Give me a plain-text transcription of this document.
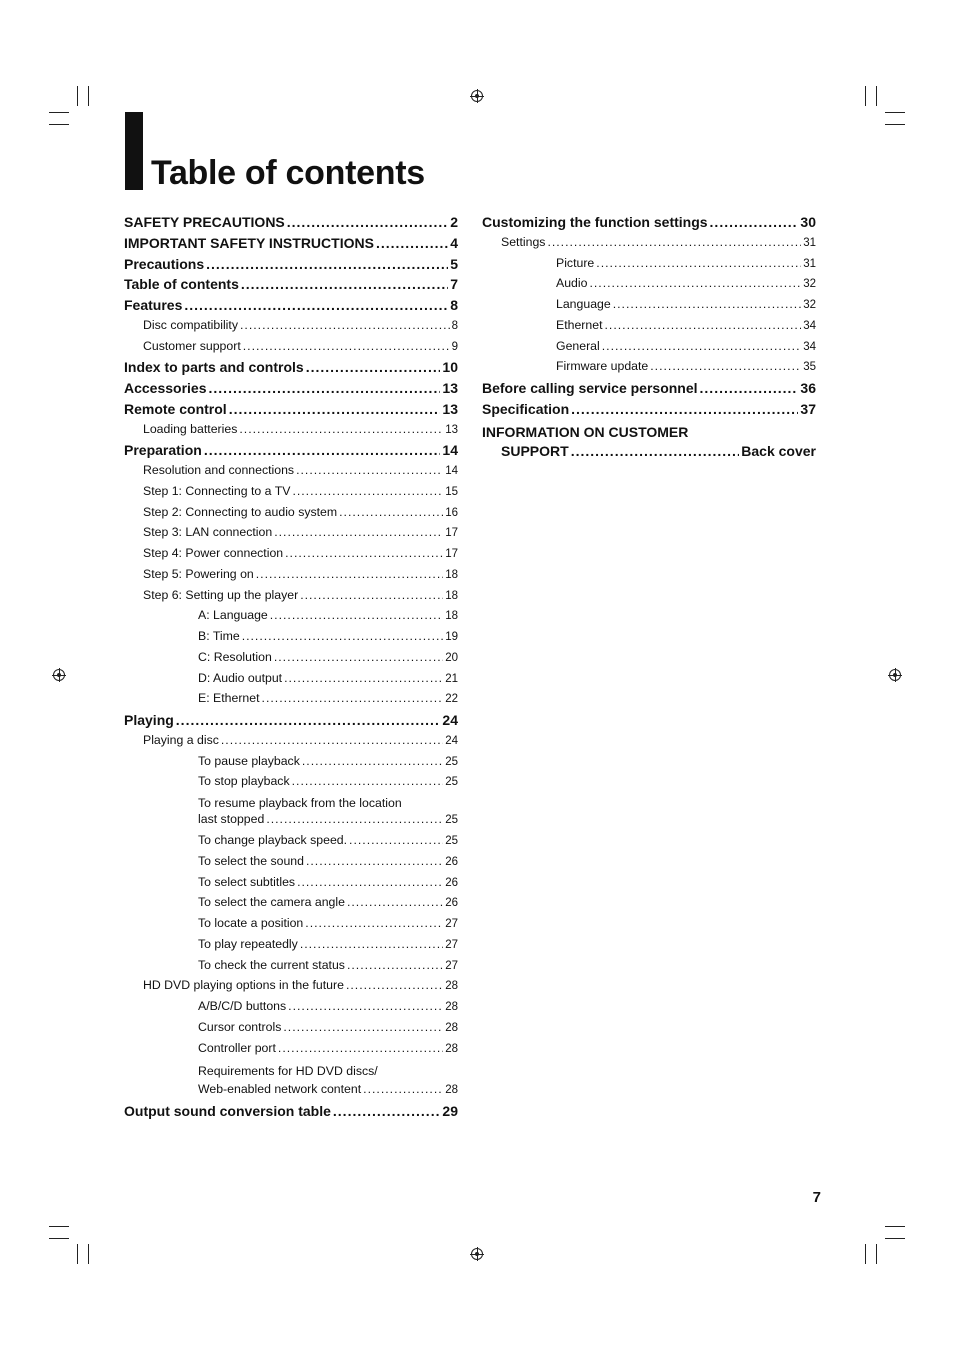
Table of contents
SAFETY PRECAUTIONS .....	2
IMPORTANT SAFETY INSTRUCTIONS .....	4
Precautions .....	5
Table of contents .....	7
Features .....	8
Disc compatibility .....	8
Customer support .....	9
Index to parts and controls .....	10
Accessories .....	13
Remote control .....	13
Loading batteries .....	13
Preparation .....	14
Resolution and connections .....	14
Step 1: Connecting to a TV .....	15
Step 2: Connecting to audio system .....	16
Step 3: LAN connection .....	17
Step 4: Power connection .....	17
Step 5: Powering on .....	18
Step 6: Setting up the player .....	18
A: Language .....	18
B: Time .....	19
C: Resolution .....	20
D: Audio output .....	21
E: Ethernet .....	22
Playing .....	24
Playing a disc .....	24
To pause playback .....	25
To stop playback .....	25
To resume playback from the location
last stopped .....	25
To change playback speed. .....	25
To select the sound .....	26
To select subtitles .....	26
To select the camera angle .....	26
To locate a position .....	27
To play repeatedly .....	27
To check the current status .....	27
HD DVD playing options in the future .....	28
A/B/C/D buttons .....	28
Cursor controls .....	28
Controller port .....	28
Requirements for HD DVD discs/
Web-enabled network content .....	28
Output sound conversion table .....	29
Customizing the function settings .....	30
Settings .....	31
Picture .....	31
Audio .....	32
Language .....	32
Ethernet .....	34
General .....	34
Firmware update .....	35
Before calling service personnel .....	36
Specification .....	37
INFORMATION ON CUSTOMER
SUPPORT .....	Back cover
7
